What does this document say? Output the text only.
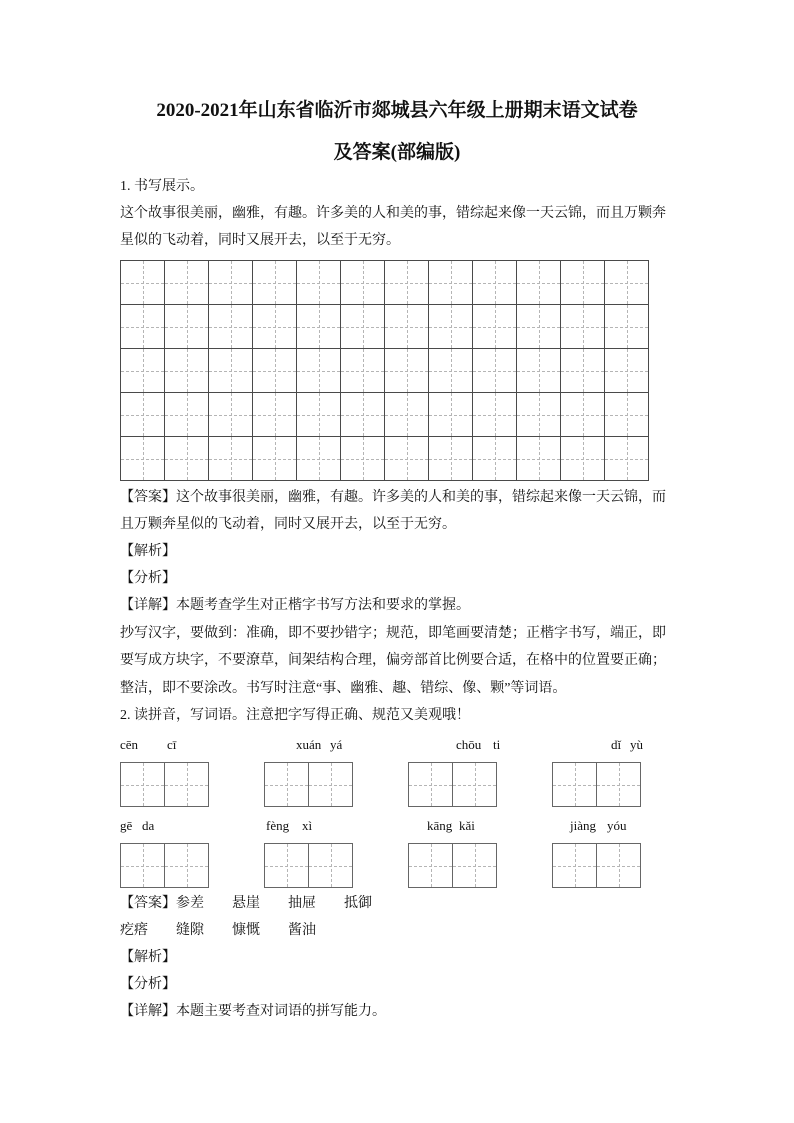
2020-2021年山东省临沂市郯城县六年级上册期末语文试卷
及答案(部编版)
1. 书写展示。
这个故事很美丽，幽雅，有趣。许多美的人和美的事，错综起来像一天云锦，而且万颗奔
星似的飞动着，同时又展开去，以至于无穷。
【答案】这个故事很美丽，幽雅，有趣。许多美的人和美的事，错综起来像一天云锦，而
且万颗奔星似的飞动着，同时又展开去，以至于无穷。
【解析】
【分析】
【详解】本题考查学生对正楷字书写方法和要求的掌握。
抄写汉字，要做到：准确，即不要抄错字；规范，即笔画要清楚；正楷字书写，端正，即
要写成方块字，不要潦草，间架结构合理，偏旁部首比例要合适，在格中的位置要正确；
整洁，即不要涂改。书写时注意“事、幽雅、趣、错综、像、颗”等词语。
2. 读拼音，写词语。注意把字写得正确、规范又美观哦！
cēn cī	xuán yá	chōu ti	dǐ yù
gē da	fèng xì	kāng kǎi	jiàng yóu
【答案】参差 悬崖 抽屉 抵御
疙瘩 缝隙 慷慨 酱油
【解析】
【分析】
【详解】本题主要考查对词语的拼写能力。
